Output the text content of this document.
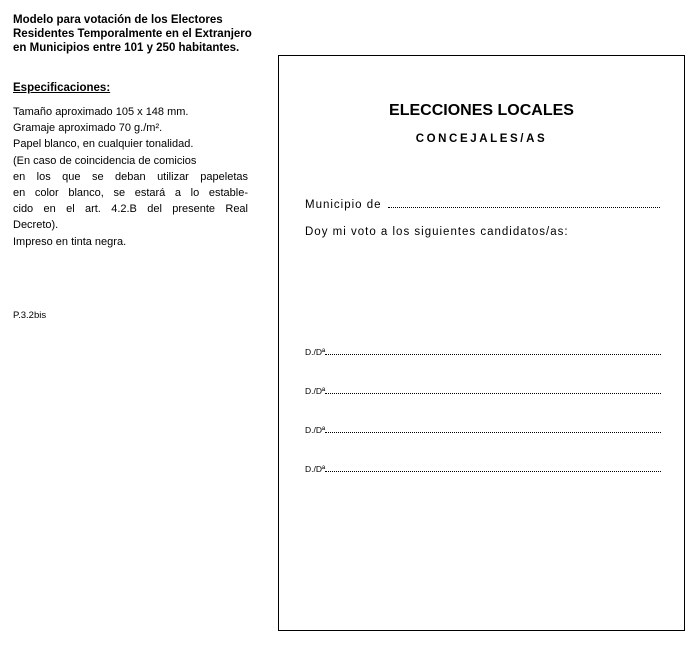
Modelo para votación de los Electores
Residentes Temporalmente en el Extranjero
en Municipios entre 101 y 250 habitantes.
Especificaciones:
Tamaño aproximado 105 x 148 mm.
Gramaje aproximado 70 g./m².
Papel blanco, en cualquier tonalidad.
(En caso de coincidencia de comicios
en los que se deban utilizar papeletas
en color blanco, se estará a lo estable-
cido en el art. 4.2.B del presente Real
Decreto).
Impreso en tinta negra.
P.3.2bis
ELECCIONES LOCALES
CONCEJALES/AS
Municipio de
Doy mi voto a los siguientes candidatos/as:
D./Dª
D./Dª
D./Dª
D./Dª
